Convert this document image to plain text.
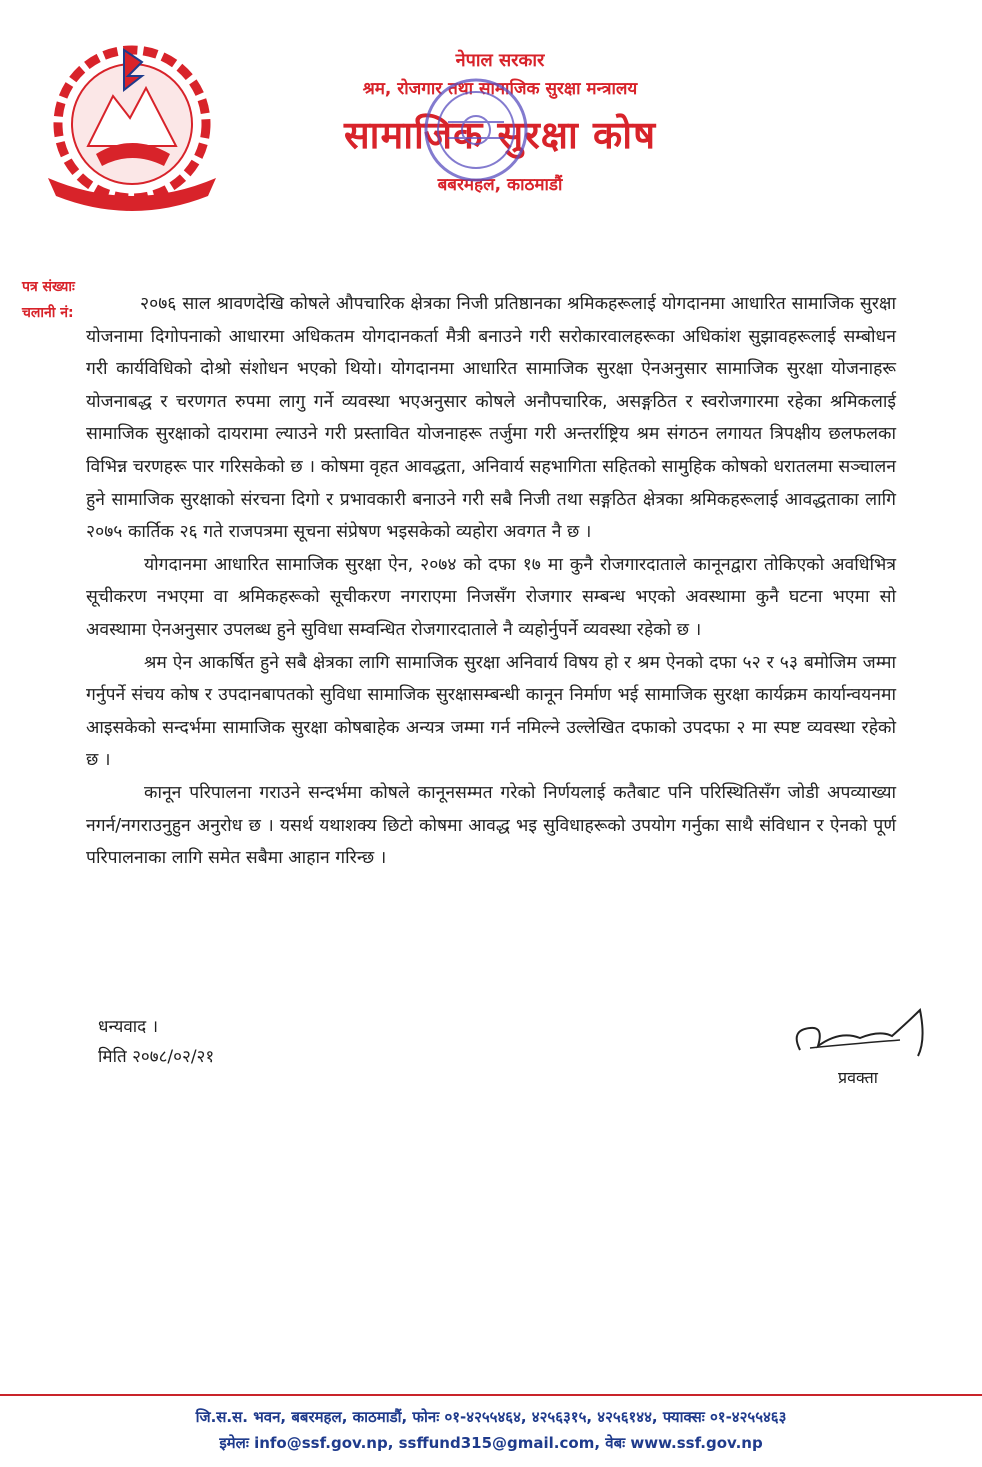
नेपाल सरकार
श्रम, रोजगार तथा सामाजिक सुरक्षा मन्त्रालय
सामाजिक सुरक्षा कोष
बबरमहल, काठमाडौं
पत्र संख्याः
चलानी नं:	२०७६ साल श्रावणदेखि कोषले औपचारिक क्षेत्रका निजी प्रतिष्ठानका श्रमिकहरूलाई योगदानमा आधारित सामाजिक सुरक्षा योजनामा दिगोपनाको आधारमा अधिकतम योगदानकर्ता मैत्री बनाउने गरी सरोकारवालहरूका अधिकांश सुझावहरूलाई सम्बोधन गरी कार्यविधिको दोश्रो संशोधन भएको थियो। योगदानमा आधारित सामाजिक सुरक्षा ऐनअनुसार सामाजिक सुरक्षा योजनाहरू योजनाबद्ध र चरणगत रुपमा लागु गर्ने व्यवस्था भएअनुसार कोषले अनौपचारिक, असङ्गठित र स्वरोजगारमा रहेका श्रमिकलाई सामाजिक सुरक्षाको दायरामा ल्याउने गरी प्रस्तावित योजनाहरू तर्जुमा गरी अन्तर्राष्ट्रिय श्रम संगठन लगायत त्रिपक्षीय छलफलका विभिन्न चरणहरू पार गरिसकेको छ । कोषमा वृहत आवद्धता, अनिवार्य सहभागिता सहितको सामुहिक कोषको धरातलमा सञ्चालन हुने सामाजिक सुरक्षाको संरचना दिगो र प्रभावकारी बनाउने गरी सबै निजी तथा सङ्गठित क्षेत्रका श्रमिकहरूलाई आवद्धताका लागि २०७५ कार्तिक २६ गते राजपत्रमा सूचना संप्रेषण भइसकेको व्यहोरा अवगत नै छ ।

योगदानमा आधारित सामाजिक सुरक्षा ऐन, २०७४ को दफा १७ मा कुनै रोजगारदाताले कानूनद्वारा तोकिएको अवधिभित्र सूचीकरण नभएमा वा श्रमिकहरूको सूचीकरण नगराएमा निजसँग रोजगार सम्बन्ध भएको अवस्थामा कुनै घटना भएमा सो अवस्थामा ऐनअनुसार उपलब्ध हुने सुविधा सम्वन्धित रोजगारदाताले नै व्यहोर्नुपर्ने व्यवस्था रहेको छ ।

श्रम ऐन आकर्षित हुने सबै क्षेत्रका लागि सामाजिक सुरक्षा अनिवार्य विषय हो र श्रम ऐनको दफा ५२ र ५३ बमोजिम जम्मा गर्नुपर्ने संचय कोष र उपदानबापतको सुविधा सामाजिक सुरक्षासम्बन्धी कानून निर्माण भई सामाजिक सुरक्षा कार्यक्रम कार्यान्वयनमा आइसकेको सन्दर्भमा सामाजिक सुरक्षा कोषबाहेक अन्यत्र जम्मा गर्न नमिल्ने उल्लेखित दफाको उपदफा २ मा स्पष्ट व्यवस्था रहेको छ ।

कानून परिपालना गराउने सन्दर्भमा कोषले कानूनसम्मत गरेको निर्णयलाई कतैबाट पनि परिस्थितिसँग जोडी अपव्याख्या नगर्न/नगराउनुहुन अनुरोध छ । यसर्थ यथाशक्य छिटो कोषमा आवद्ध भइ सुविधाहरूको उपयोग गर्नुका साथै संविधान र ऐनको पूर्ण परिपालनाका लागि समेत सबैमा आहान गरिन्छ ।

धन्यवाद ।
मिति २०७८/०२/२१
प्रवक्ता
जि.स.स. भवन, बबरमहल, काठमाडौं, फोनः ०१-४२५५४६४, ४२५६३१५, ४२५६१४४, फ्याक्सः ०१-४२५५४६३
इमेलः info@ssf.gov.np, ssffund315@gmail.com, वेबः www.ssf.gov.np
